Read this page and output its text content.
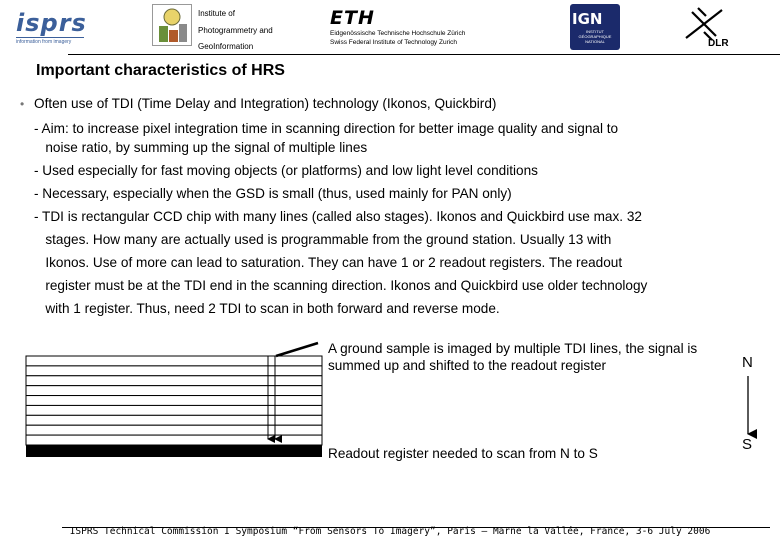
isprs
information from imagery
Institute of
Photogrammetry and
GeoInformation
ETH
Eidgenössische Technische Hochschule Zürich
Swiss Federal Institute of Technology Zurich
IGN
INSTITUT GÉOGRAPHIQUE NATIONAL	DLR
Important characteristics of HRS
• Often use of TDI (Time Delay and Integration) technology (Ikonos, Quickbird)
- Aim: to increase pixel integration time in scanning direction for better image quality and signal to
noise ratio, by summing up the signal of multiple lines
- Used especially for fast moving objects (or platforms) and low light level conditions
- Necessary, especially when the GSD is small (thus, used mainly for PAN only)
- TDI is rectangular CCD chip with many lines (called also stages). Ikonos and Quickbird use max. 32
stages. How many are actually used is programmable from the ground station. Usually 13 with
Ikonos. Use of more can lead to saturation. They can have 1 or 2 readout registers. The readout
register must be at the TDI end in the scanning direction. Ikonos and Quickbird use older technology
with 1 register. Thus, need 2 TDI to scan in both forward and reverse mode.
A ground sample is imaged by multiple TDI lines, the signal is summed up and shifted to the readout register
Readout register needed to scan from N to S
N
S
ISPRS Technical Commission I Symposium “From Sensors To Imagery”, Paris – Marne la Vallée, France, 3-6 July 2006
